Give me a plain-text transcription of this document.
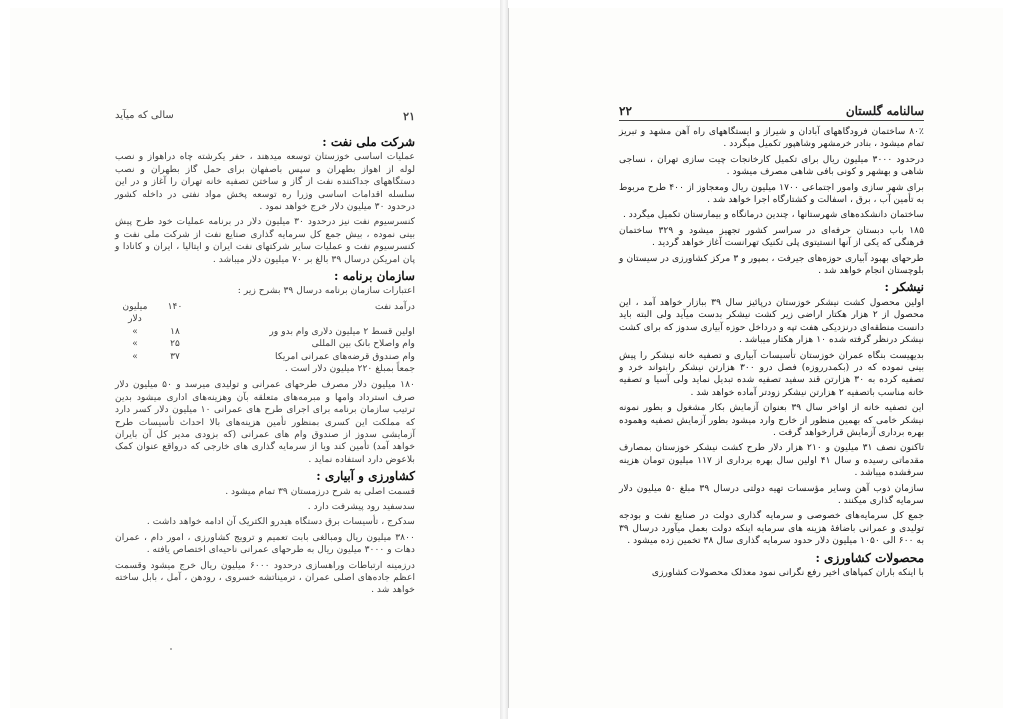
سالی که میآید	۲۱
شرکت ملی نفت :

عملیات اساسی خوزستان توسعه میدهند ، حفر یکرشته چاه دراهواز و نصب لوله از اهواز بطهران و سپس باصفهان برای حمل گاز بطهران و نصب دستگاههای جداکننده نفت از گاز و ساختن تصفیه خانه تهران را آغاز و در این سلسله اقدامات اساسی وزرا ره توسعه پخش مواد نفتی در داخله کشور درحدود ۳۰ میلیون دلار خرج خواهد نمود .

کنسرسیوم نفت نیز درحدود ۳۰ میلیون دلار در برنامه عملیات خود طرح پیش بینی نموده ، بیش جمع کل سرمایه گذاری صنایع نفت از شرکت ملی نفت و کنسرسیوم نفت و عملیات سایر شرکتهای نفت ایران و ایتالیا ، ایران و کانادا و پان امریکن درسال ۳۹ بالغ بر ۷۰ میلیون دلار میباشد .

سازمان برنامه :

اعتبارات سازمان برنامه درسال ۳۹ بشرح زیر :

درآمد نفت
۱۴۰
میلیون دلار
اولین قسط ۲ میلیون دلاری وام بدو ور
۱۸
»
وام واصلاح بانک بین المللی
۲۵
»
وام صندوق قرضه‌های عمرانی امریکا
۳۷
»
جمعاً بمبلغ ۲۲۰ میلیون دلار است .

۱۸۰ میلیون دلار مصرف طرحهای عمرانی و تولیدی میرسد و ۵۰ میلیون دلار صرف استرداد وامها و مبرمه‌های متعلقه بآن وهزینه‌های اداری میشود بدین ترتیب سازمان برنامه برای اجرای طرح های عمرانی ۱۰ میلیون دلار کسر دارد که مملکت این کسری بمنظور تأمین هزینه‌های بالا احداث تأسیسات طرح آزمایشی سدوز از صندوق وام های عمرانی (که بزودی مدیر کل آن بایران خواهد آمد) تأمین کند ویا از سرمایه گذاری های خارجی که درواقع عنوان کمک بلاعوض دارد استفاده نماید .

کشاورزی و آبیاری :

قسمت اصلی به شرح درزمستان ۳۹ تمام میشود .

سدسفید رود پیشرفت دارد .

سدکرج ، تأسیسات برق دستگاه هیدرو الکتریک آن ادامه خواهد داشت .

۳۸۰۰ میلیون ریال ومبالغی بابت تعمیم و ترویج کشاورزی ، امور دام ، عمران دهات و ۳۰۰۰ میلیون ریال به طرحهای عمرانی ناحیه‌ای اختصاص یافته .

درزمینه ارتباطات وراهسازی درحدود ۶۰۰۰ میلیون ریال خرج میشود وقسمت اعظم جاده‌های اصلی عمران ، ترمیناتشه خسروی ، رودهن ، آمل ، بابل ساخته خواهد شد .

سالنامه گلستان
۲۲

۸۰٪ ساختمان فرودگاههای آبادان و شیراز و ایستگاههای راه آهن مشهد و تبریز تمام میشود ، بنادر خرمشهر وشاهپور تکمیل میگردد .

درحدود ۳۰۰۰ میلیون ریال برای تکمیل کارخانجات چیت سازی تهران ، نساجی شاهی و بهشهر و کونی بافی شاهی مصرف میشود .

برای شهر سازی وامور اجتماعی ۱۷۰۰ میلیون ریال ومعجاوز از ۴۰۰ طرح مربوط به تأمین آب ، برق ، اسفالت و کشتارگاه اجرا خواهد شد .

ساختمان دانشکده‌های شهرستانها ، چندین درمانگاه و بیمارستان تکمیل میگردد .

۱۸۵ باب دبستان حرفه‌ای در سراسر کشور تجهیز میشود و ۳۲۹ ساختمان فرهنگی که یکی از آنها انستیتوی پلی تکنیک تهرانست آغاز خواهد گردید .

طرحهای بهبود آبیاری حوزه‌های جیرفت ، بمپور و ۳ مرکز کشاورزی در سیستان و بلوچستان انجام خواهد شد .

نیشکر :

اولین محصول کشت نیشکر خوزستان درپائیز سال ۳۹ ببازار خواهد آمد ، این محصول از ۲ هزار هکتار اراضی زیر کشت نیشکر بدست میآید ولی البته باید دانست منطقه‌ای درنزدیکی هفت تپه و درداخل حوزه آبیاری سدوز که برای کشت نیشکر درنظر گرفته شده ۱۰ هزار هکتار میباشد .

بدیهیست بنگاه عمران خوزستان تأسیسات آبیاری و تصفیه خانه نیشکر را پیش بینی نموده که در (بکمدرروزه) فصل درو ۳۰۰ هزارتن نیشکر رابتواند خرد و تصفیه کرده به ۳۰ هزارتن قند سفید تصفیه شده تبدیل نماید ولی آسیا و تصفیه خانه مناسب باتصفیه ۲ هزارتن نیشکر زودتر آماده خواهد شد .

این تصفیه خانه از اواخر سال ۳۹ بعنوان آزمایش بکار مشغول و بطور نمونه نیشکر خامی که بهمین منظور از خارج وارد میشود بطور آزمایش تصفیه وهموده بهره برداری آزمایش قرارخواهد گرفت .

تاکنون نصف ۳۱ میلیون و ۲۱۰ هزار دلار طرح کشت نیشکر خوزستان بمصارف مقدماتی رسیده و سال ۴۱ اولین سال بهره برداری از ۱۱۷ میلیون تومان هزینه سرفشده میباشد .

سازمان ذوب آهن وسایر مؤسسات تهیه دولتی درسال ۳۹ مبلغ ۵۰ میلیون دلار سرمایه گذاری میکنند .

جمع کل سرمایه‌های خصوصی و سرمایه گذاری دولت در صنایع نفت و بودجه تولیدی و عمرانی باضافهٔ هزینه های سرمایه اینکه دولت بعمل میآورد درسال ۳۹ به ۶۰۰ الی ۱۰۵۰ میلیون دلار حدود سرمایه گذاری سال ۳۸ تخمین زده میشود .

محصولات کشاورزی :

با اینکه باران کمپاهای اخیر رفع نگرانی نمود معذلک محصولات کشاورزی
